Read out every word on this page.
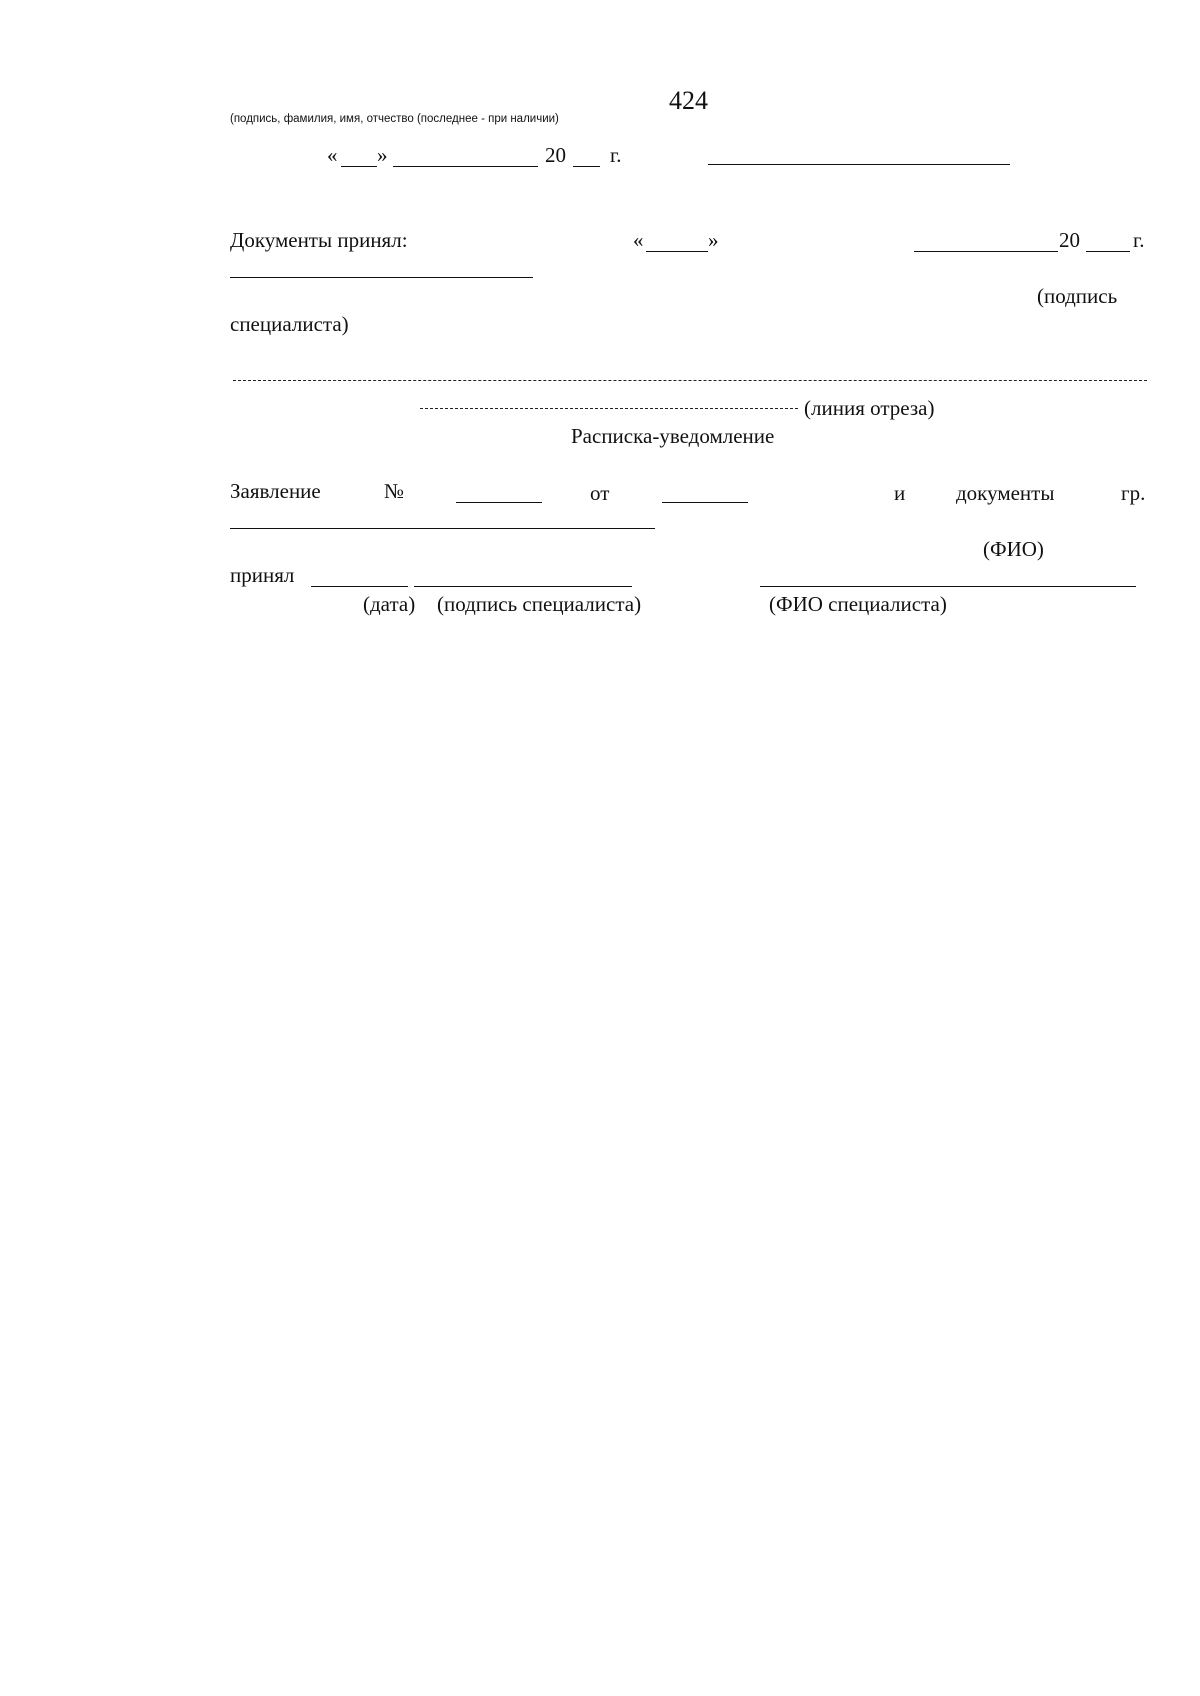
424
(подпись, фамилия, имя, отчество (последнее - при наличии)
« »	20 г.
Документы принял:	«	»	20	г.
(подпись
специалиста)
(линия отреза)
Расписка-уведомление
Заявление	№	от	и документы	гр.
(ФИО)
принял
(дата) (подпись специалиста)	(ФИО специалиста)
